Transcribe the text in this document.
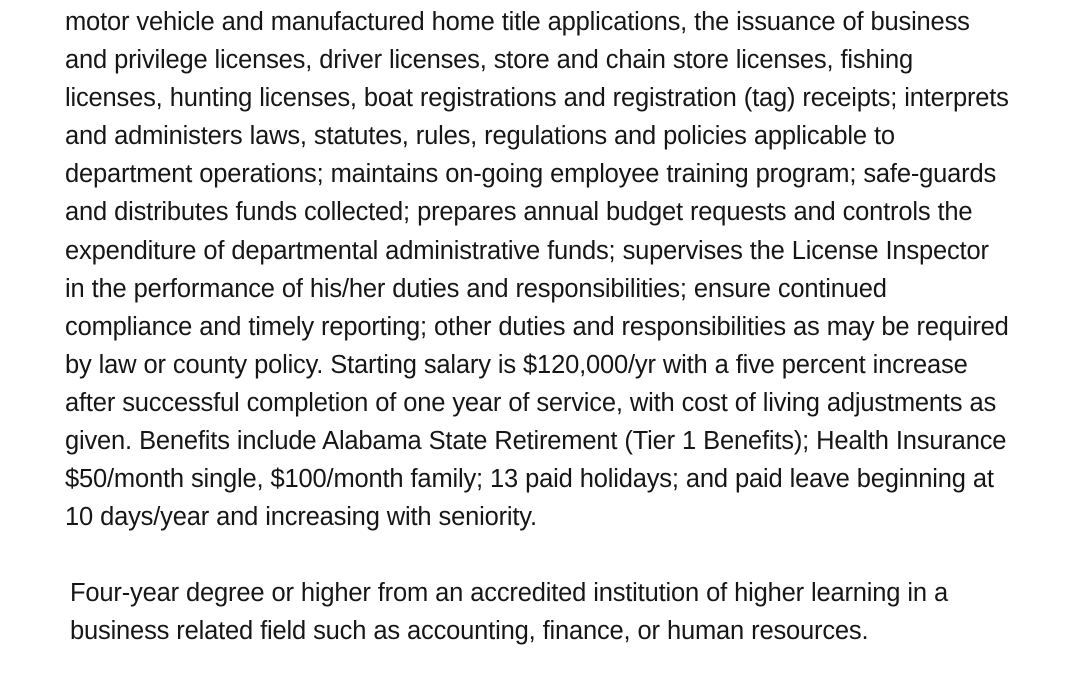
motor vehicle and manufactured home title applications, the issuance of business and privilege licenses, driver licenses, store and chain store licenses, fishing licenses, hunting licenses, boat registrations and registration (tag) receipts; interprets and administers laws, statutes, rules, regulations and policies applicable to department operations; maintains on-going employee training program; safe-guards and distributes funds collected; prepares annual budget requests and controls the expenditure of departmental administrative funds; supervises the License Inspector in the performance of his/her duties and responsibilities; ensure continued compliance and timely reporting; other duties and responsibilities as may be required by law or county policy. Starting salary is $120,000/yr with a five percent increase after successful completion of one year of service, with cost of living adjustments as given. Benefits include Alabama State Retirement (Tier 1 Benefits); Health Insurance $50/month single, $100/month family; 13 paid holidays; and paid leave beginning at 10 days/year and increasing with seniority.

Four-year degree or higher from an accredited institution of higher learning in a business related field such as accounting, finance, or human resources.
